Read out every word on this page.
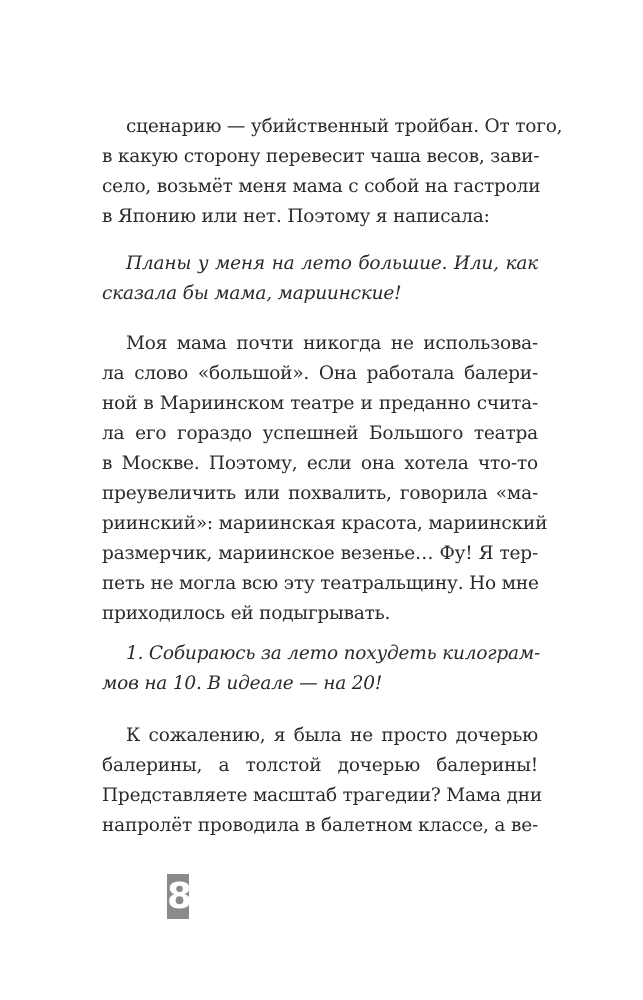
сценарию — убийственный тройбан. От того,

в какую сторону перевесит чаша весов, зави-

село, возьмёт меня мама с собой на гастроли

в Японию или нет. Поэтому я написала:

Планы у меня на лето большие. Или, как

сказала бы мама, мариинские!

Моя мама почти никогда не использова-

ла слово «большой». Она работала балери-

ной в Мариинском театре и преданно счита-

ла его гораздо успешней Большого театра

в Москве. Поэтому, если она хотела что-то

преувеличить или похвалить, говорила «ма-

риинский»: мариинская красота, мариинский

размерчик, мариинское везенье… Фу! Я тер-

петь не могла всю эту театральщину. Но мне

приходилось ей подыгрывать.

1. Собираюсь за лето похудеть килограм-

мов на 10. В идеале — на 20!

К сожалению, я была не просто дочерью

балерины, а толстой дочерью балерины!

Представляете масштаб трагедии? Мама дни

напролёт проводила в балетном классе, а ве-

8
